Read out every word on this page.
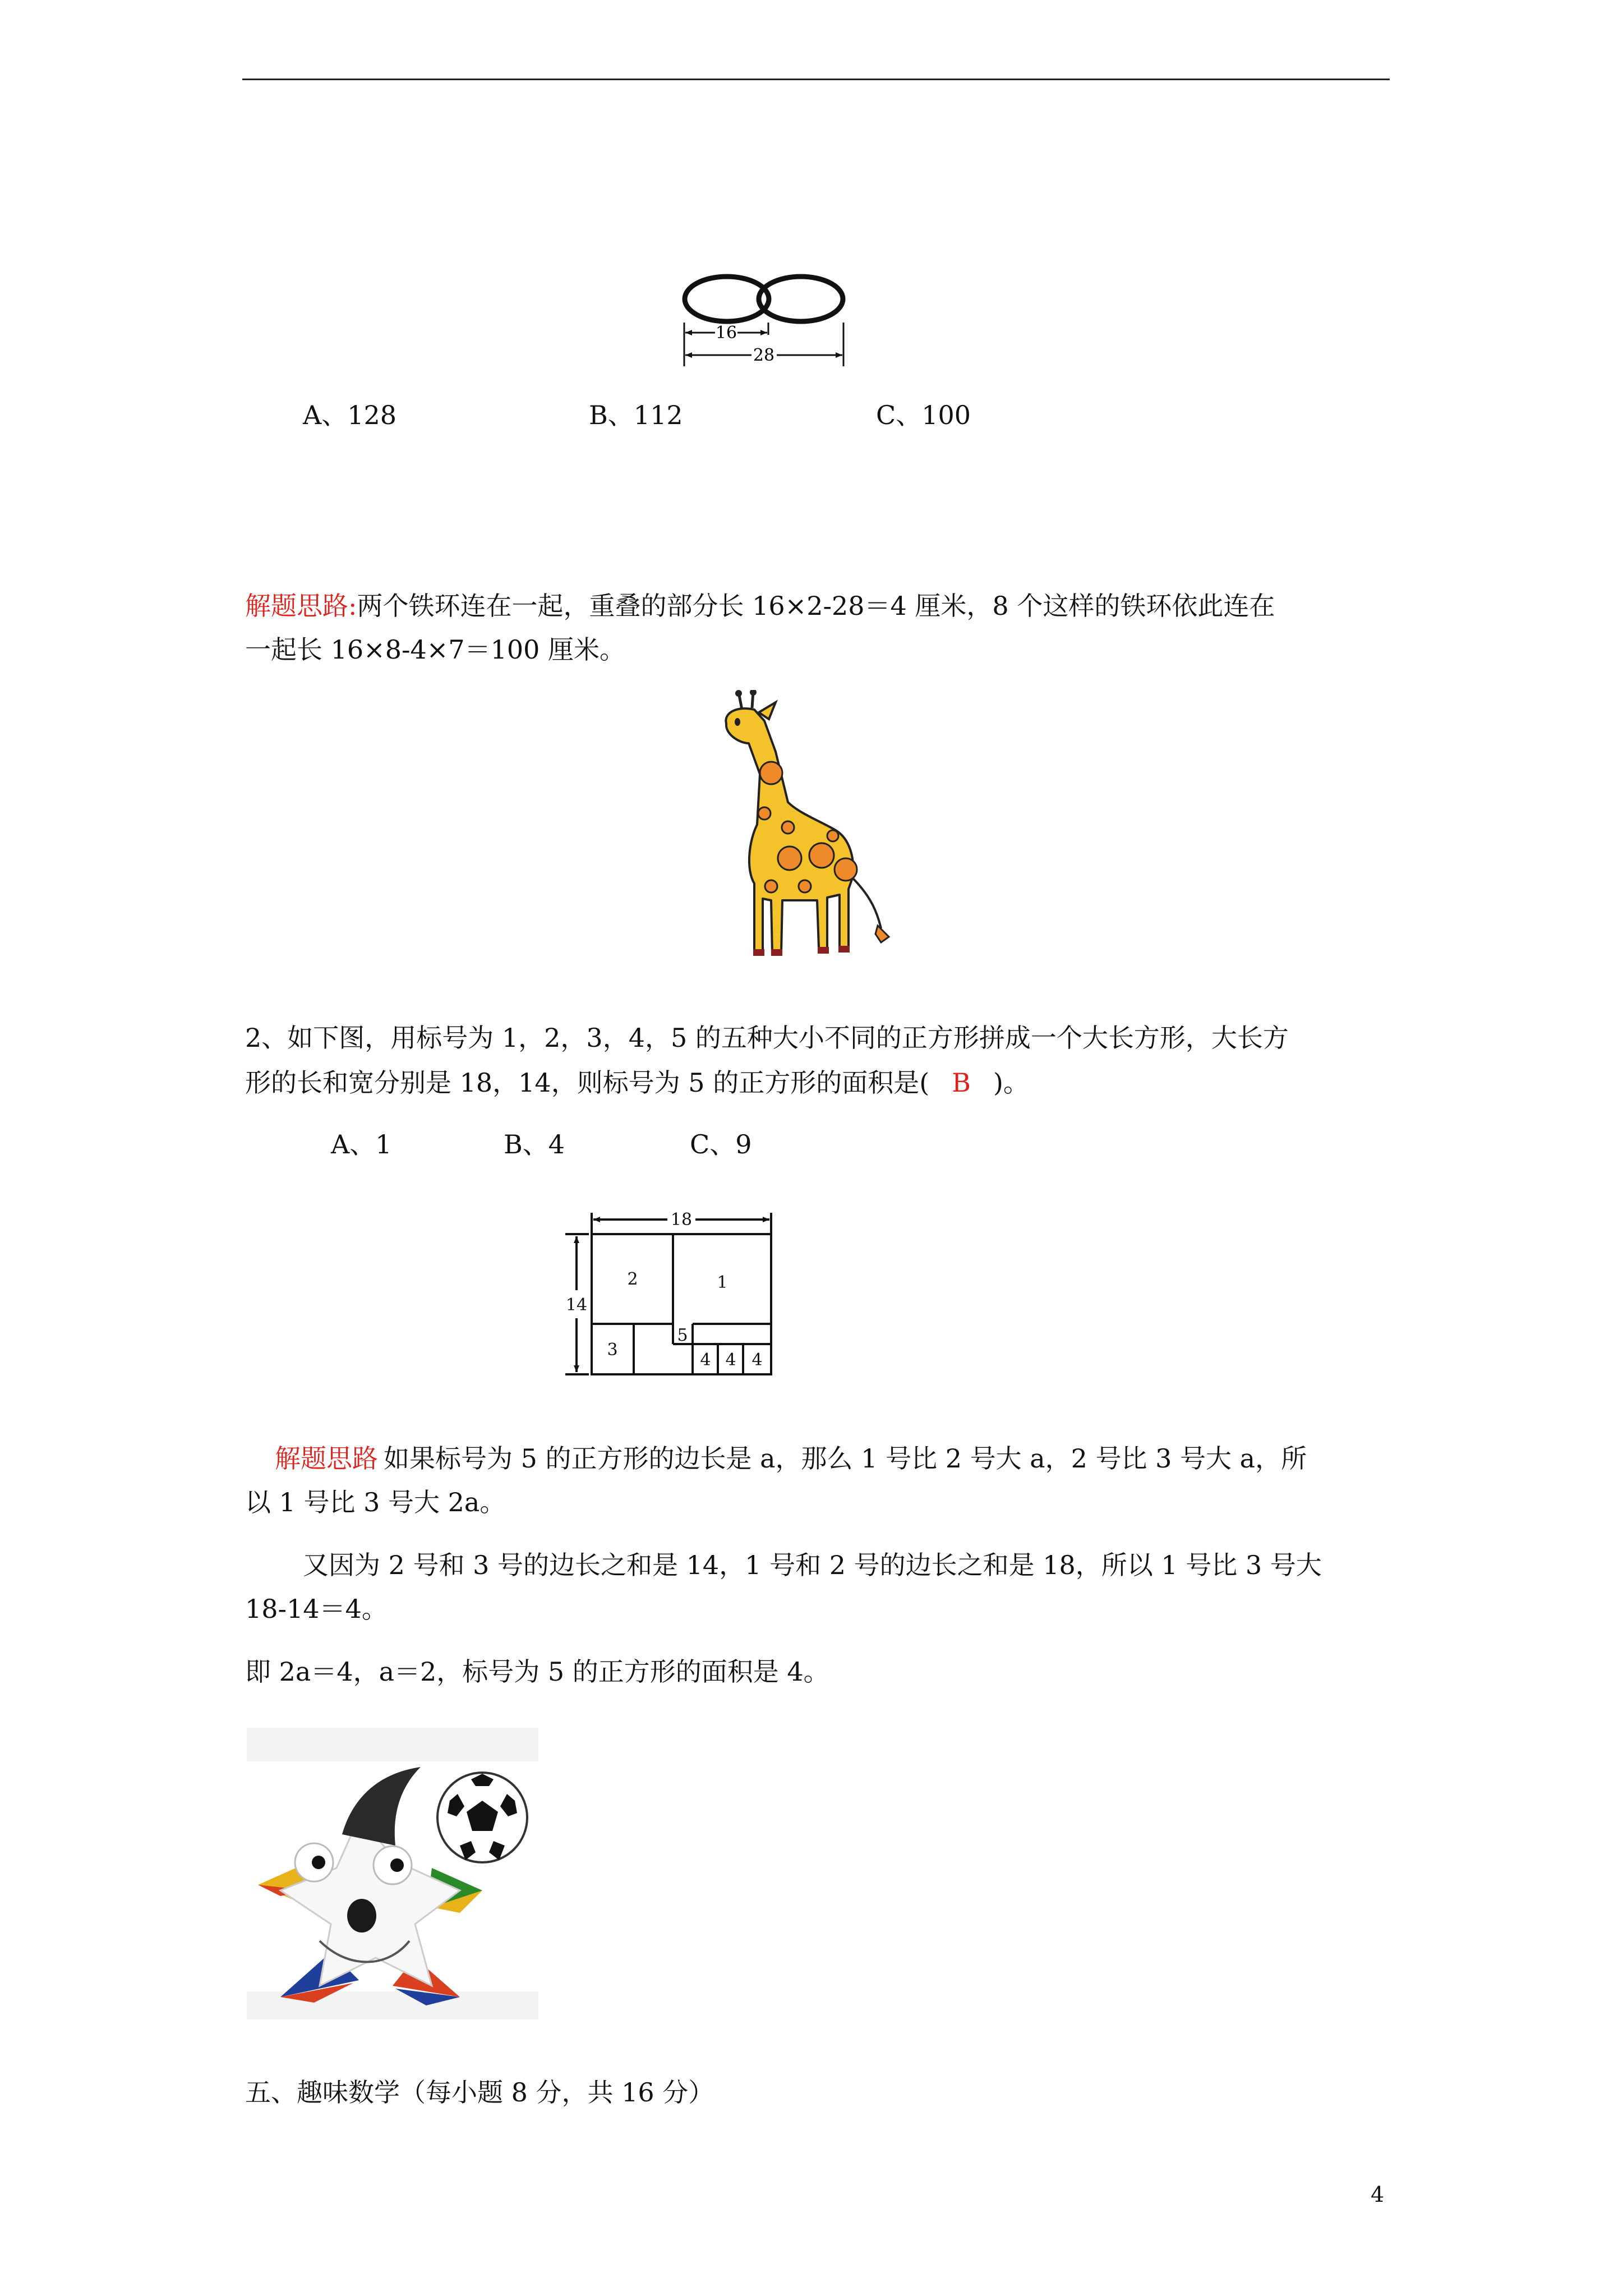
16
28
A、128	B、112	C、100
解题思路:两个铁环连在一起，重叠的部分长 16×2-28＝4 厘米，8 个这样的铁环依此连在
一起长 16×8-4×7＝100 厘米。
2、如下图，用标号为 1，2，3，4，5 的五种大小不同的正方形拼成一个大长方形，大长方
形的长和宽分别是 18，14，则标号为 5 的正方形的面积是( B )。
A、1	B、4	C、9
18
14
2	1
5
3
4 4 4
解题思路 如果标号为 5 的正方形的边长是 a，那么 1 号比 2 号大 a，2 号比 3 号大 a，所
以 1 号比 3 号大 2a。
又因为 2 号和 3 号的边长之和是 14，1 号和 2 号的边长之和是 18，所以 1 号比 3 号大
18-14＝4。
即 2a＝4，a＝2，标号为 5 的正方形的面积是 4。
五、趣味数学（每小题 8 分，共 16 分）
4
